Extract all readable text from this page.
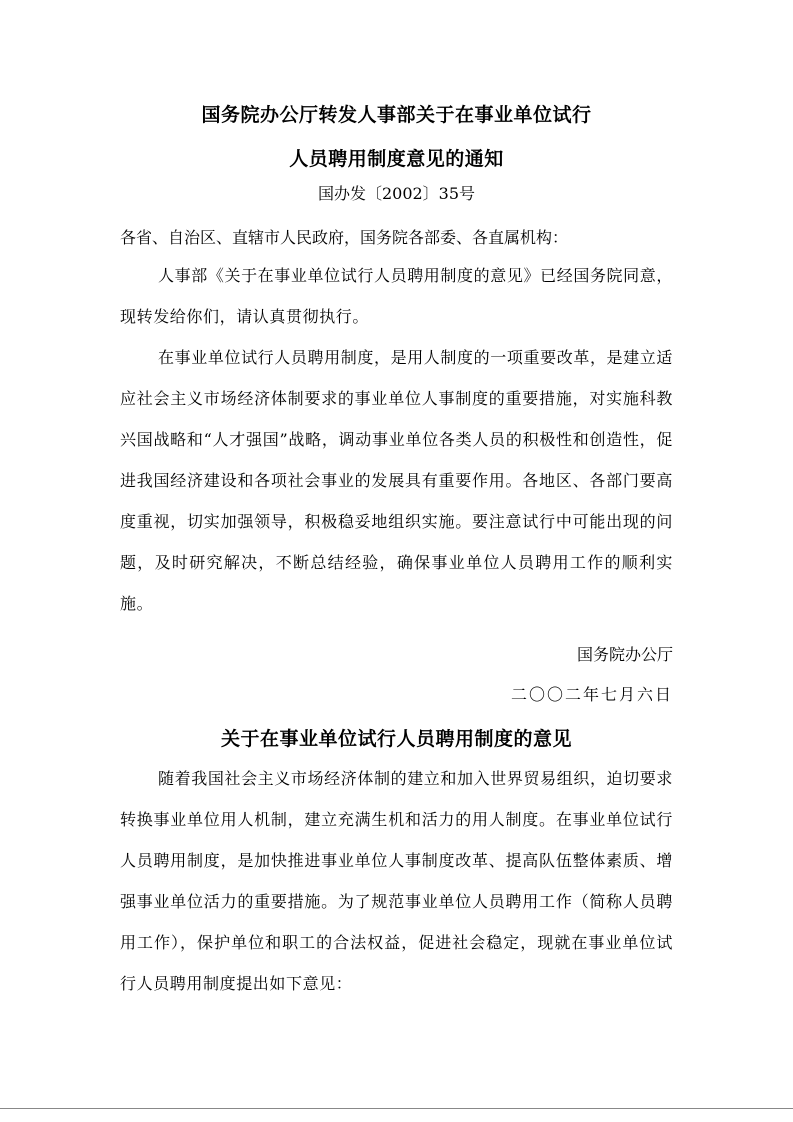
国务院办公厅转发人事部关于在事业单位试行
人员聘用制度意见的通知
国办发〔2002〕35号

各省、自治区、直辖市人民政府，国务院各部委、各直属机构：

人事部《关于在事业单位试行人员聘用制度的意见》已经国务院同意，现转发给你们，请认真贯彻执行。

在事业单位试行人员聘用制度，是用人制度的一项重要改革，是建立适应社会主义市场经济体制要求的事业单位人事制度的重要措施，对实施科教兴国战略和“人才强国”战略，调动事业单位各类人员的积极性和创造性，促进我国经济建设和各项社会事业的发展具有重要作用。各地区、各部门要高度重视，切实加强领导，积极稳妥地组织实施。要注意试行中可能出现的问题，及时研究解决，不断总结经验，确保事业单位人员聘用工作的顺利实施。

国务院办公厅
二〇〇二年七月六日
关于在事业单位试行人员聘用制度的意见

随着我国社会主义市场经济体制的建立和加入世界贸易组织，迫切要求转换事业单位用人机制，建立充满生机和活力的用人制度。在事业单位试行人员聘用制度，是加快推进事业单位人事制度改革、提高队伍整体素质、增强事业单位活力的重要措施。为了规范事业单位人员聘用工作（简称人员聘用工作），保护单位和职工的合法权益，促进社会稳定，现就在事业单位试行人员聘用制度提出如下意见：
